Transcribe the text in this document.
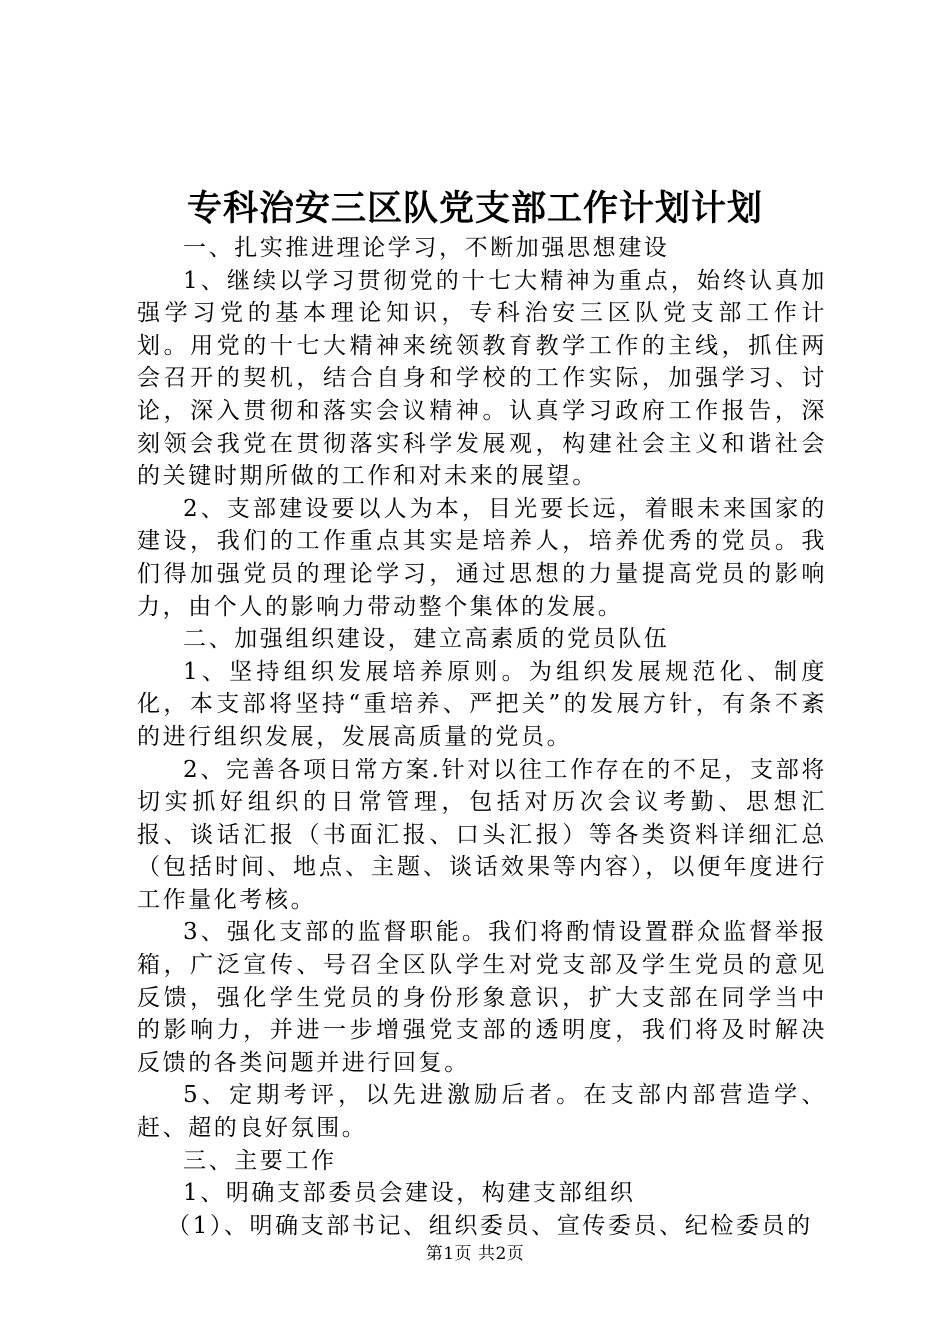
专科治安三区队党支部工作计划计划

一、扎实推进理论学习，不断加强思想建设

1、继续以学习贯彻党的十七大精神为重点，始终认真加强学习党的基本理论知识，专科治安三区队党支部工作计划。用党的十七大精神来统领教育教学工作的主线，抓住两会召开的契机，结合自身和学校的工作实际，加强学习、讨论，深入贯彻和落实会议精神。认真学习政府工作报告，深刻领会我党在贯彻落实科学发展观，构建社会主义和谐社会的关键时期所做的工作和对未来的展望。

2、支部建设要以人为本，目光要长远，着眼未来国家的建设，我们的工作重点其实是培养人，培养优秀的党员。我们得加强党员的理论学习，通过思想的力量提高党员的影响力，由个人的影响力带动整个集体的发展。

二、加强组织建设，建立高素质的党员队伍

1、坚持组织发展培养原则。为组织发展规范化、制度化，本支部将坚持“重培养、严把关”的发展方针，有条不紊的进行组织发展，发展高质量的党员。

2、完善各项日常方案.针对以往工作存在的不足，支部将切实抓好组织的日常管理，包括对历次会议考勤、思想汇报、谈话汇报（书面汇报、口头汇报）等各类资料详细汇总（包括时间、地点、主题、谈话效果等内容），以便年度进行工作量化考核。

3、强化支部的监督职能。我们将酌情设置群众监督举报箱，广泛宣传、号召全区队学生对党支部及学生党员的意见反馈，强化学生党员的身份形象意识，扩大支部在同学当中的影响力，并进一步增强党支部的透明度，我们将及时解决反馈的各类问题并进行回复。

5、定期考评，以先进激励后者。在支部内部营造学、赶、超的良好氛围。

三、主要工作

1、明确支部委员会建设，构建支部组织

（1）、明确支部书记、组织委员、宣传委员、纪检委员的

第1页 共2页
